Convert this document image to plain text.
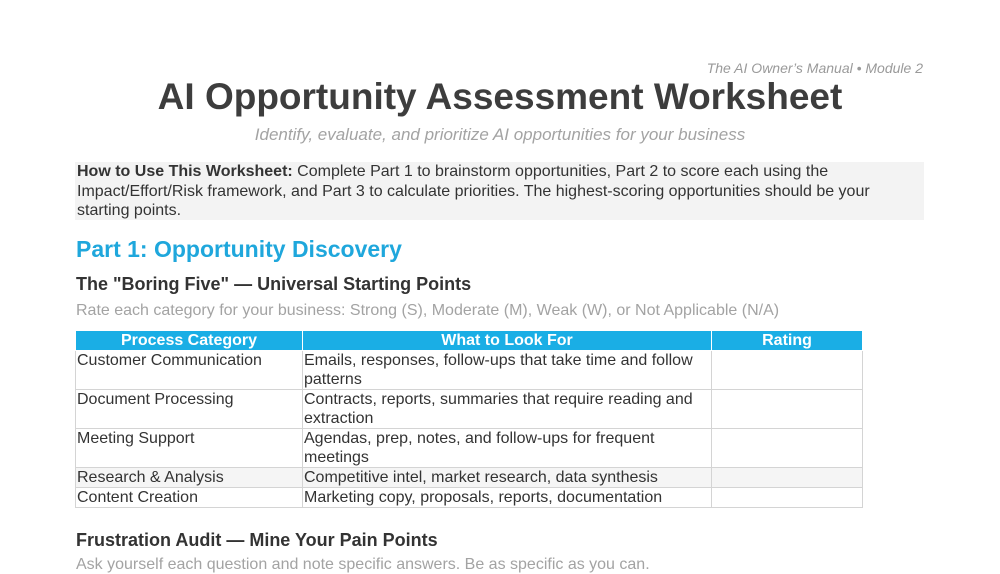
The AI Owner’s Manual • Module 2
AI Opportunity Assessment Worksheet
Identify, evaluate, and prioritize AI opportunities for your business
How to Use This Worksheet: Complete Part 1 to brainstorm opportunities, Part 2 to score each using the Impact/Effort/Risk framework, and Part 3 to calculate priorities. The highest-scoring opportunities should be your starting points.
Part 1: Opportunity Discovery
The "Boring Five" — Universal Starting Points
Rate each category for your business: Strong (S), Moderate (M), Weak (W), or Not Applicable (N/A)
Process Category	What to Look For	Rating
Customer Communication	Emails, responses, follow-ups that take time and follow patterns	
Document Processing	Contracts, reports, summaries that require reading and extraction	
Meeting Support	Agendas, prep, notes, and follow-ups for frequent meetings	
Research & Analysis	Competitive intel, market research, data synthesis	
Content Creation	Marketing copy, proposals, reports, documentation	
Frustration Audit — Mine Your Pain Points
Ask yourself each question and note specific answers. Be as specific as you can.
